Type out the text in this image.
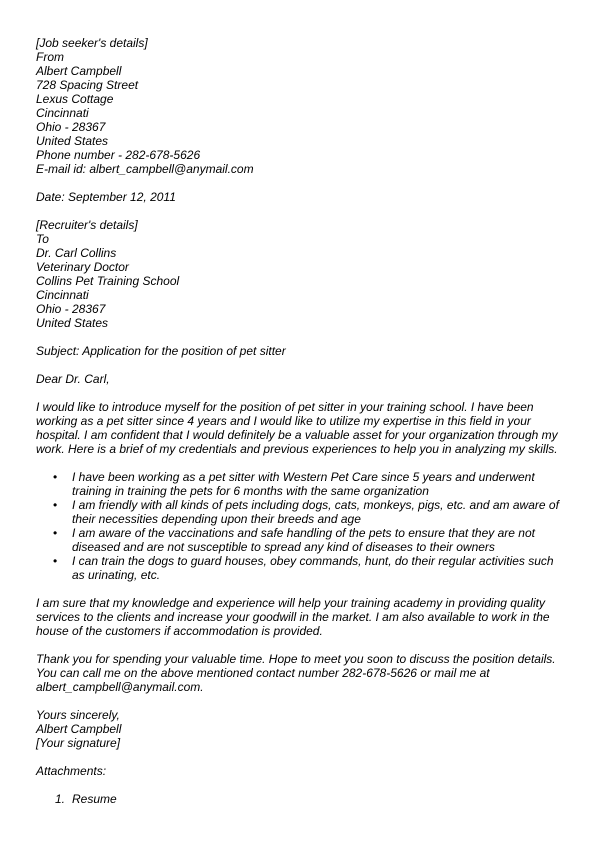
[Job seeker's details]
From
Albert Campbell
728 Spacing Street
Lexus Cottage
Cincinnati
Ohio - 28367
United States
Phone number - 282-678-5626
E-mail id: albert_campbell@anymail.com
Date: September 12, 2011
[Recruiter's details]
To
Dr. Carl Collins
Veterinary Doctor
Collins Pet Training School
Cincinnati
Ohio - 28367
United States
Subject: Application for the position of pet sitter
Dear Dr. Carl,
I would like to introduce myself for the position of pet sitter in your training school. I have been
working as a pet sitter since 4 years and I would like to utilize my expertise in this field in your
hospital. I am confident that I would definitely be a valuable asset for your organization through my
work. Here is a brief of my credentials and previous experiences to help you in analyzing my skills.
• I have been working as a pet sitter with Western Pet Care since 5 years and underwent
training in training the pets for 6 months with the same organization
• I am friendly with all kinds of pets including dogs, cats, monkeys, pigs, etc. and am aware of
their necessities depending upon their breeds and age
• I am aware of the vaccinations and safe handling of the pets to ensure that they are not
diseased and are not susceptible to spread any kind of diseases to their owners
• I can train the dogs to guard houses, obey commands, hunt, do their regular activities such
as urinating, etc.
I am sure that my knowledge and experience will help your training academy in providing quality
services to the clients and increase your goodwill in the market. I am also available to work in the
house of the customers if accommodation is provided.
Thank you for spending your valuable time. Hope to meet you soon to discuss the position details.
You can call me on the above mentioned contact number 282-678-5626 or mail me at
albert_campbell@anymail.com.
Yours sincerely,
Albert Campbell
[Your signature]
Attachments:
1. Resume
